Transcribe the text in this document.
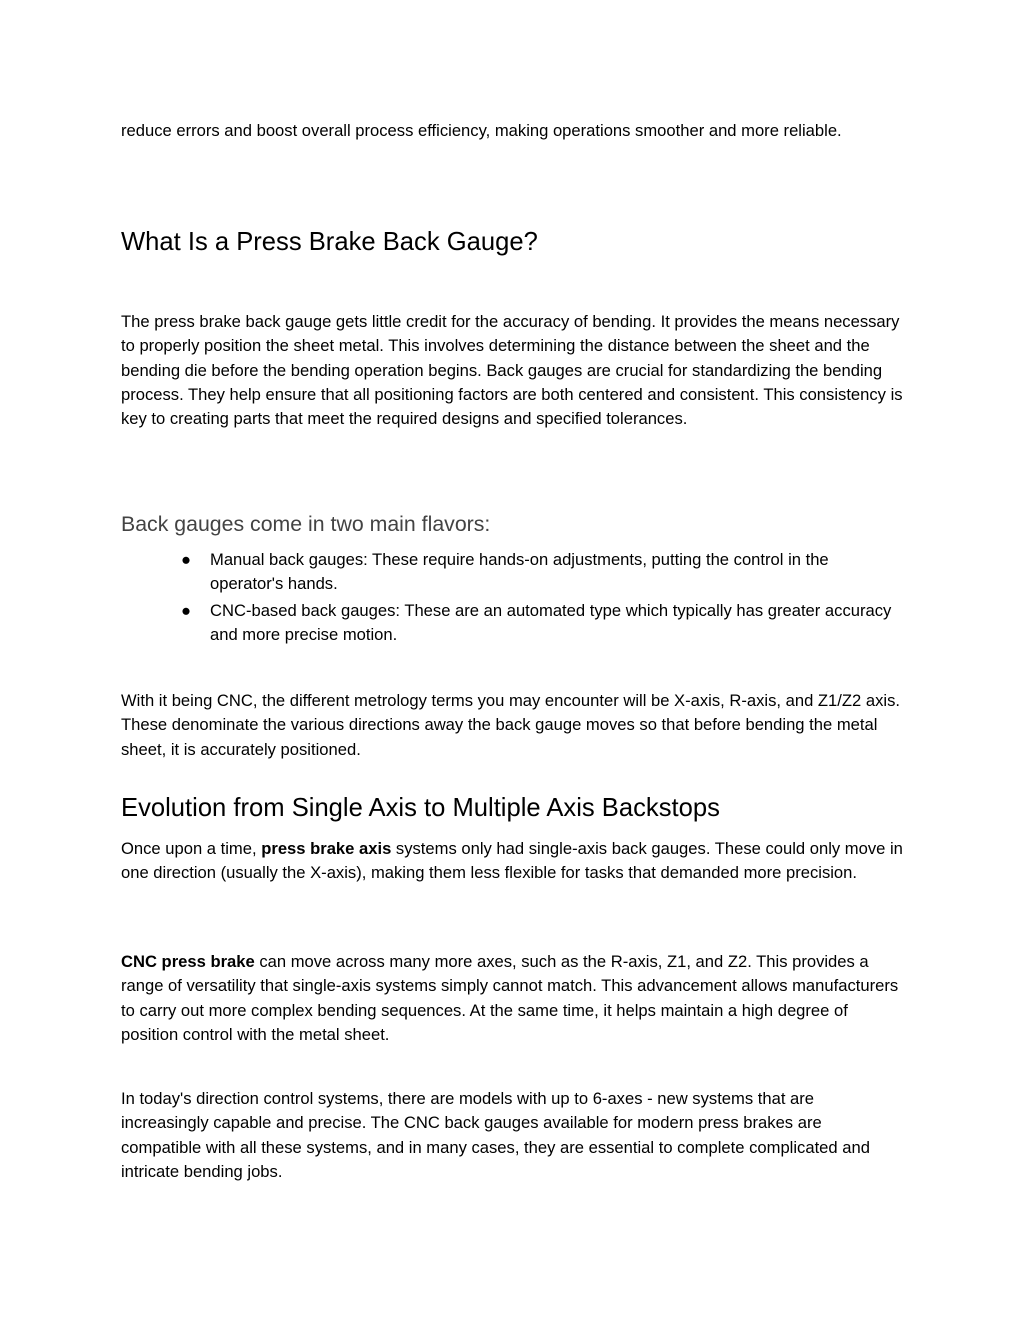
reduce errors and boost overall process efficiency, making operations smoother and more reliable.

What Is a Press Brake Back Gauge?

The press brake back gauge gets little credit for the accuracy of bending. It provides the means necessary to properly position the sheet metal. This involves determining the distance between the sheet and the bending die before the bending operation begins. Back gauges are crucial for standardizing the bending process. They help ensure that all positioning factors are both centered and consistent. This consistency is key to creating parts that meet the required designs and specified tolerances.

Back gauges come in two main flavors:
● Manual back gauges: These require hands-on adjustments, putting the control in the operator's hands.
● CNC-based back gauges: These are an automated type which typically has greater accuracy and more precise motion.

With it being CNC, the different metrology terms you may encounter will be X-axis, R-axis, and Z1/Z2 axis. These denominate the various directions away the back gauge moves so that before bending the metal sheet, it is accurately positioned.

Evolution from Single Axis to Multiple Axis Backstops

Once upon a time, press brake axis systems only had single-axis back gauges. These could only move in one direction (usually the X-axis), making them less flexible for tasks that demanded more precision.

CNC press brake can move across many more axes, such as the R-axis, Z1, and Z2. This provides a range of versatility that single-axis systems simply cannot match. This advancement allows manufacturers to carry out more complex bending sequences. At the same time, it helps maintain a high degree of position control with the metal sheet.

In today's direction control systems, there are models with up to 6-axes - new systems that are increasingly capable and precise. The CNC back gauges available for modern press brakes are compatible with all these systems, and in many cases, they are essential to complete complicated and intricate bending jobs.
